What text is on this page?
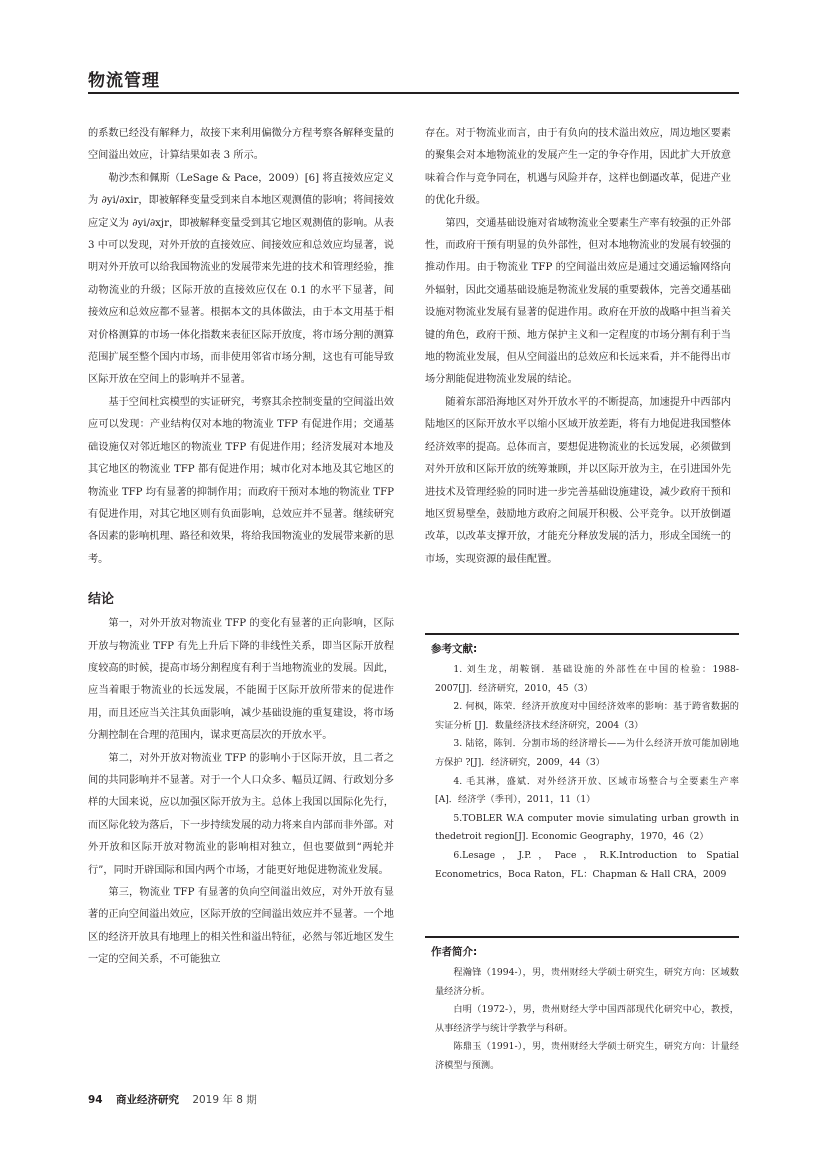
物流管理

的系数已经没有解释力，故接下来利用偏微分方程考察各解释变量的空间溢出效应，计算结果如表 3 所示。

勒沙杰和佩斯（LeSage & Pace，2009）[6] 将直接效应定义为 ∂yi/∂xir，即被解释变量受到来自本地区观测值的影响；将间接效应定义为 ∂yi/∂xjr，即被解释变量受到其它地区观测值的影响。从表 3 中可以发现，对外开放的直接效应、间接效应和总效应均显著，说明对外开放可以给我国物流业的发展带来先进的技术和管理经验，推动物流业的升级；区际开放的直接效应仅在 0.1 的水平下显著，间接效应和总效应都不显著。根据本文的具体做法，由于本文用基于相对价格测算的市场一体化指数来表征区际开放度，将市场分割的测算范围扩展至整个国内市场，而非使用邻省市场分割，这也有可能导致区际开放在空间上的影响并不显著。

基于空间杜宾模型的实证研究，考察其余控制变量的空间溢出效应可以发现：产业结构仅对本地的物流业 TFP 有促进作用；交通基础设施仅对邻近地区的物流业 TFP 有促进作用；经济发展对本地及其它地区的物流业 TFP 都有促进作用；城市化对本地及其它地区的物流业 TFP 均有显著的抑制作用；而政府干预对本地的物流业 TFP 有促进作用，对其它地区则有负面影响，总效应并不显著。继续研究各因素的影响机理、路径和效果，将给我国物流业的发展带来新的思考。

结论

第一，对外开放对物流业 TFP 的变化有显著的正向影响，区际开放与物流业 TFP 有先上升后下降的非线性关系，即当区际开放程度较高的时候，提高市场分割程度有利于当地物流业的发展。因此，应当着眼于物流业的长远发展，不能囿于区际开放所带来的促进作用，而且还应当关注其负面影响，减少基础设施的重复建设，将市场分割控制在合理的范围内，谋求更高层次的开放水平。

第二，对外开放对物流业 TFP 的影响小于区际开放，且二者之间的共同影响并不显著。对于一个人口众多、幅员辽阔、行政划分多样的大国来说，应以加强区际开放为主。总体上我国以国际化先行，而区际化较为落后，下一步持续发展的动力将来自内部而非外部。对外开放和区际开放对物流业的影响相对独立，但也要做到“两轮并行”，同时开辟国际和国内两个市场，才能更好地促进物流业发展。

第三，物流业 TFP 有显著的负向空间溢出效应，对外开放有显著的正向空间溢出效应，区际开放的空间溢出效应并不显著。一个地区的经济开放具有地理上的相关性和溢出特征，必然与邻近地区发生一定的空间关系，不可能独立

存在。对于物流业而言，由于有负向的技术溢出效应，周边地区要素的聚集会对本地物流业的发展产生一定的争夺作用，因此扩大开放意味着合作与竞争同在，机遇与风险并存，这样也倒逼改革，促进产业的优化升级。

第四，交通基础设施对省域物流业全要素生产率有较强的正外部性，而政府干预有明显的负外部性，但对本地物流业的发展有较强的推动作用。由于物流业 TFP 的空间溢出效应是通过交通运输网络向外辐射，因此交通基础设施是物流业发展的重要载体，完善交通基础设施对物流业发展有显著的促进作用。政府在开放的战略中担当着关键的角色，政府干预、地方保护主义和一定程度的市场分割有利于当地的物流业发展，但从空间溢出的总效应和长远来看，并不能得出市场分割能促进物流业发展的结论。

随着东部沿海地区对外开放水平的不断提高，加速提升中西部内陆地区的区际开放水平以缩小区域开放差距，将有力地促进我国整体经济效率的提高。总体而言，要想促进物流业的长远发展，必须做到对外开放和区际开放的统筹兼顾，并以区际开放为主，在引进国外先进技术及管理经验的同时进一步完善基础设施建设，减少政府干预和地区贸易壁垒，鼓励地方政府之间展开积极、公平竞争。以开放倒逼改革，以改革支撑开放，才能充分释放发展的活力，形成全国统一的市场，实现资源的最佳配置。

参考文献:

1. 刘生龙，胡鞍钢．基础设施的外部性在中国的检验：1988-2007[J]．经济研究，2010，45（3）

2. 何枫，陈荣．经济开放度对中国经济效率的影响：基于跨省数据的实证分析 [J]．数量经济技术经济研究，2004（3）

3. 陆铭，陈钊．分割市场的经济增长——为什么经济开放可能加剧地方保护 ?[J]．经济研究，2009，44（3）

4. 毛其淋，盛斌．对外经济开放、区域市场整合与全要素生产率 [A]．经济学（季刊），2011，11（1）

5.TOBLER W.A computer movie simulating urban growth in thedetroit region[J]. Economic Geography，1970，46（2）

6.Lesage，J.P.，Pace，R.K.Introduction to Spatial Econometrics，Boca Raton，FL：Chapman & Hall CRA，2009

作者简介:

程瀚锋（1994-），男，贵州财经大学硕士研究生，研究方向：区域数量经济分析。

白明（1972-），男，贵州财经大学中国西部现代化研究中心，教授，从事经济学与统计学教学与科研。

陈鼎玉（1991-），男，贵州财经大学硕士研究生，研究方向：计量经济模型与预测。

94 商业经济研究 2019 年 8 期
